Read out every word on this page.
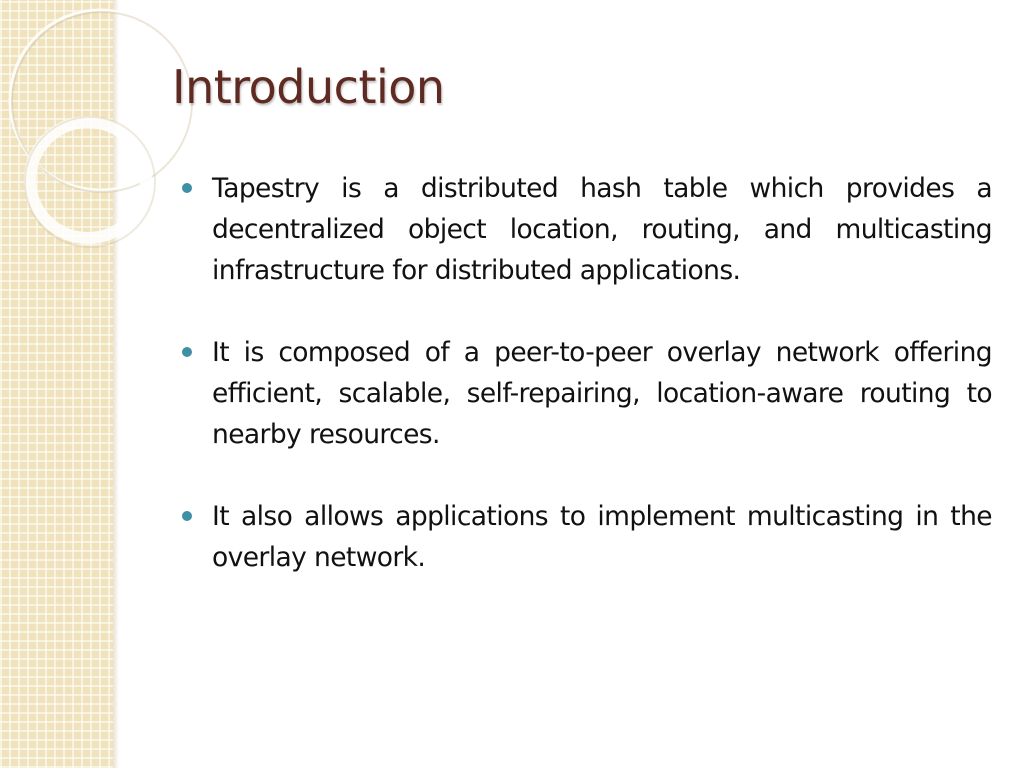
Introduction
Tapestry is a distributed hash table which provides a decentralized object location, routing, and multicasting infrastructure for distributed applications.
It is composed of a peer-to-peer overlay network offering efficient, scalable, self-repairing, location-aware routing to nearby resources.
It also allows applications to implement multicasting in the overlay network.
